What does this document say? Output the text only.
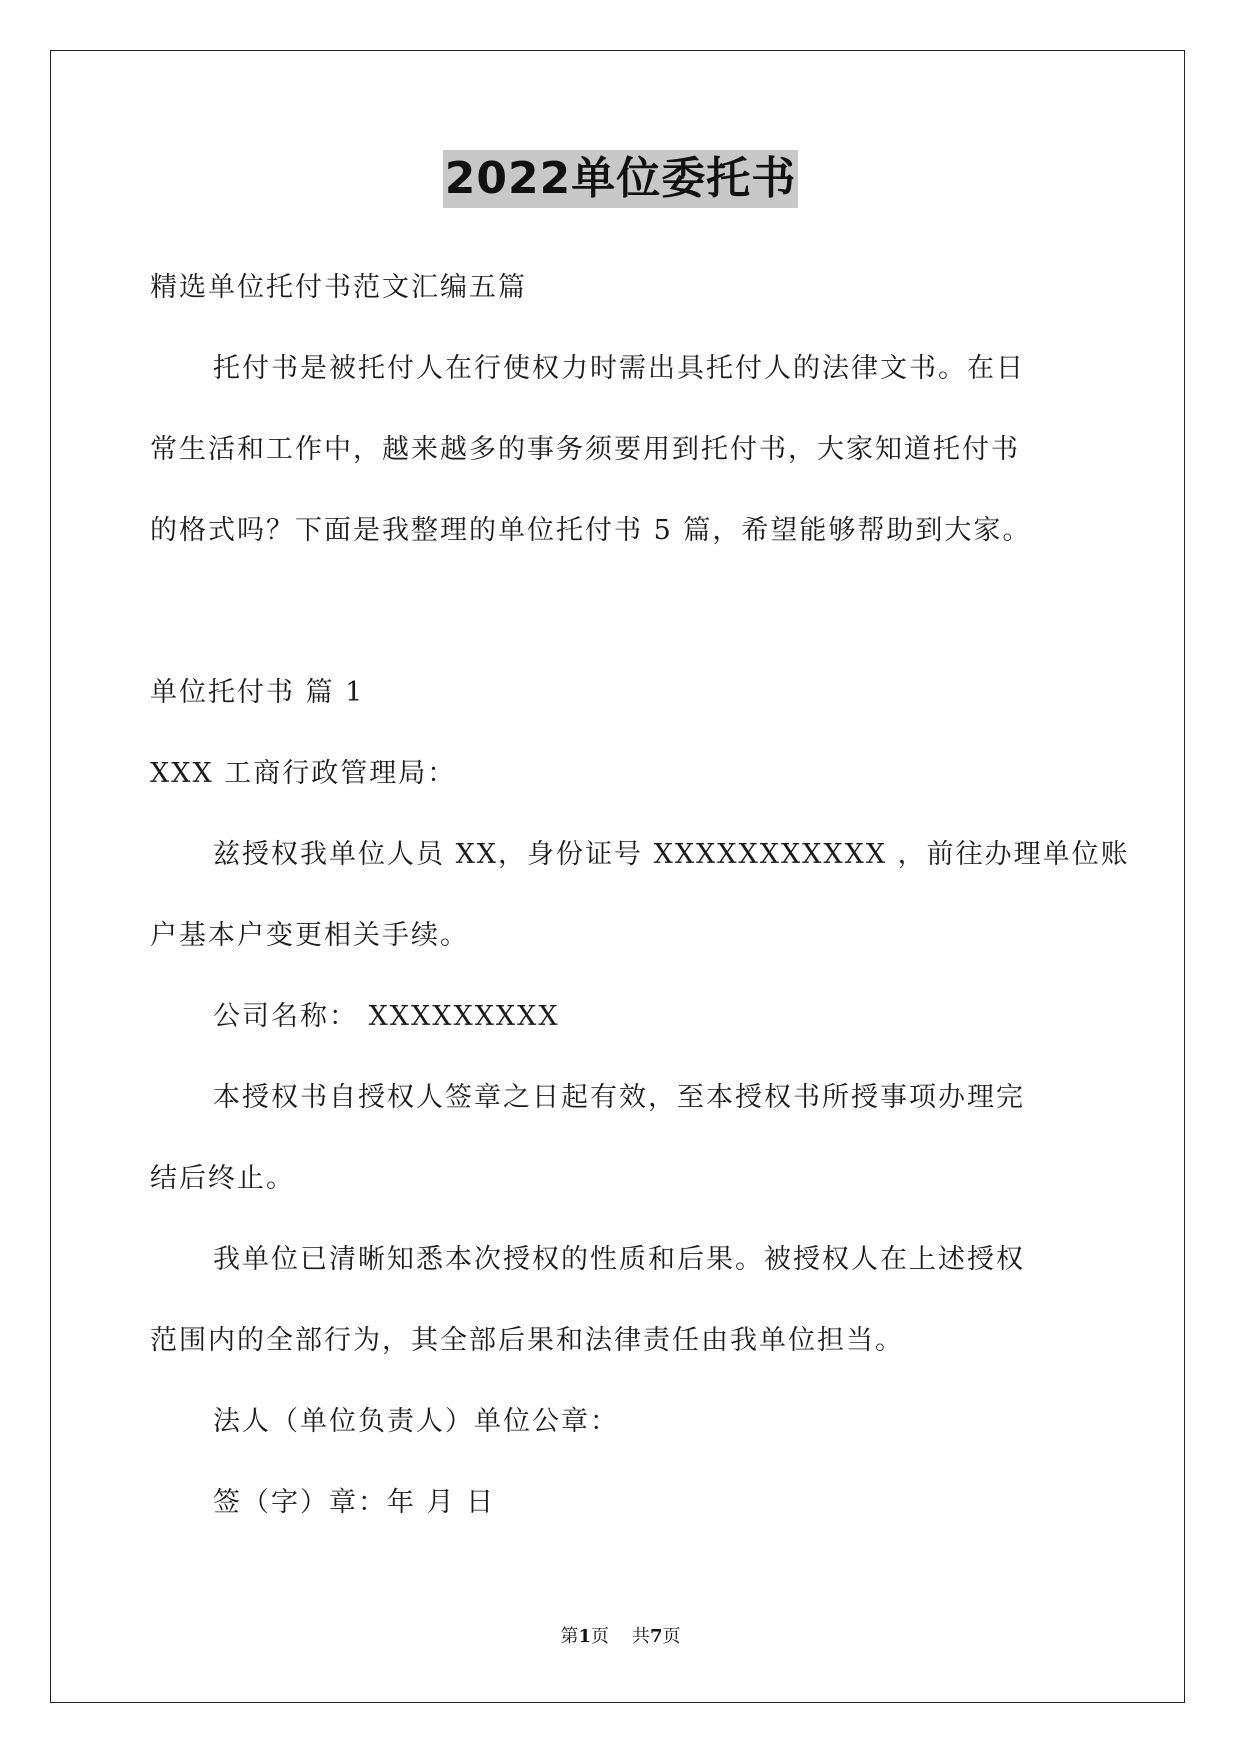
2022单位委托书
精选单位托付书范文汇编五篇
托付书是被托付人在行使权力时需出具托付人的法律文书。在日
常生活和工作中，越来越多的事务须要用到托付书，大家知道托付书
的格式吗？下面是我整理的单位托付书 5 篇，希望能够帮助到大家。
单位托付书 篇 1
XXX 工商行政管理局：
兹授权我单位人员 XX，身份证号 XXXXXXXXXXX ，前往办理单位账
户基本户变更相关手续。
公司名称： XXXXXXXXX
本授权书自授权人签章之日起有效，至本授权书所授事项办理完
结后终止。
我单位已清晰知悉本次授权的性质和后果。被授权人在上述授权
范围内的全部行为，其全部后果和法律责任由我单位担当。
法人（单位负责人）单位公章：
签（字）章：年 月 日
第1页    共7页
